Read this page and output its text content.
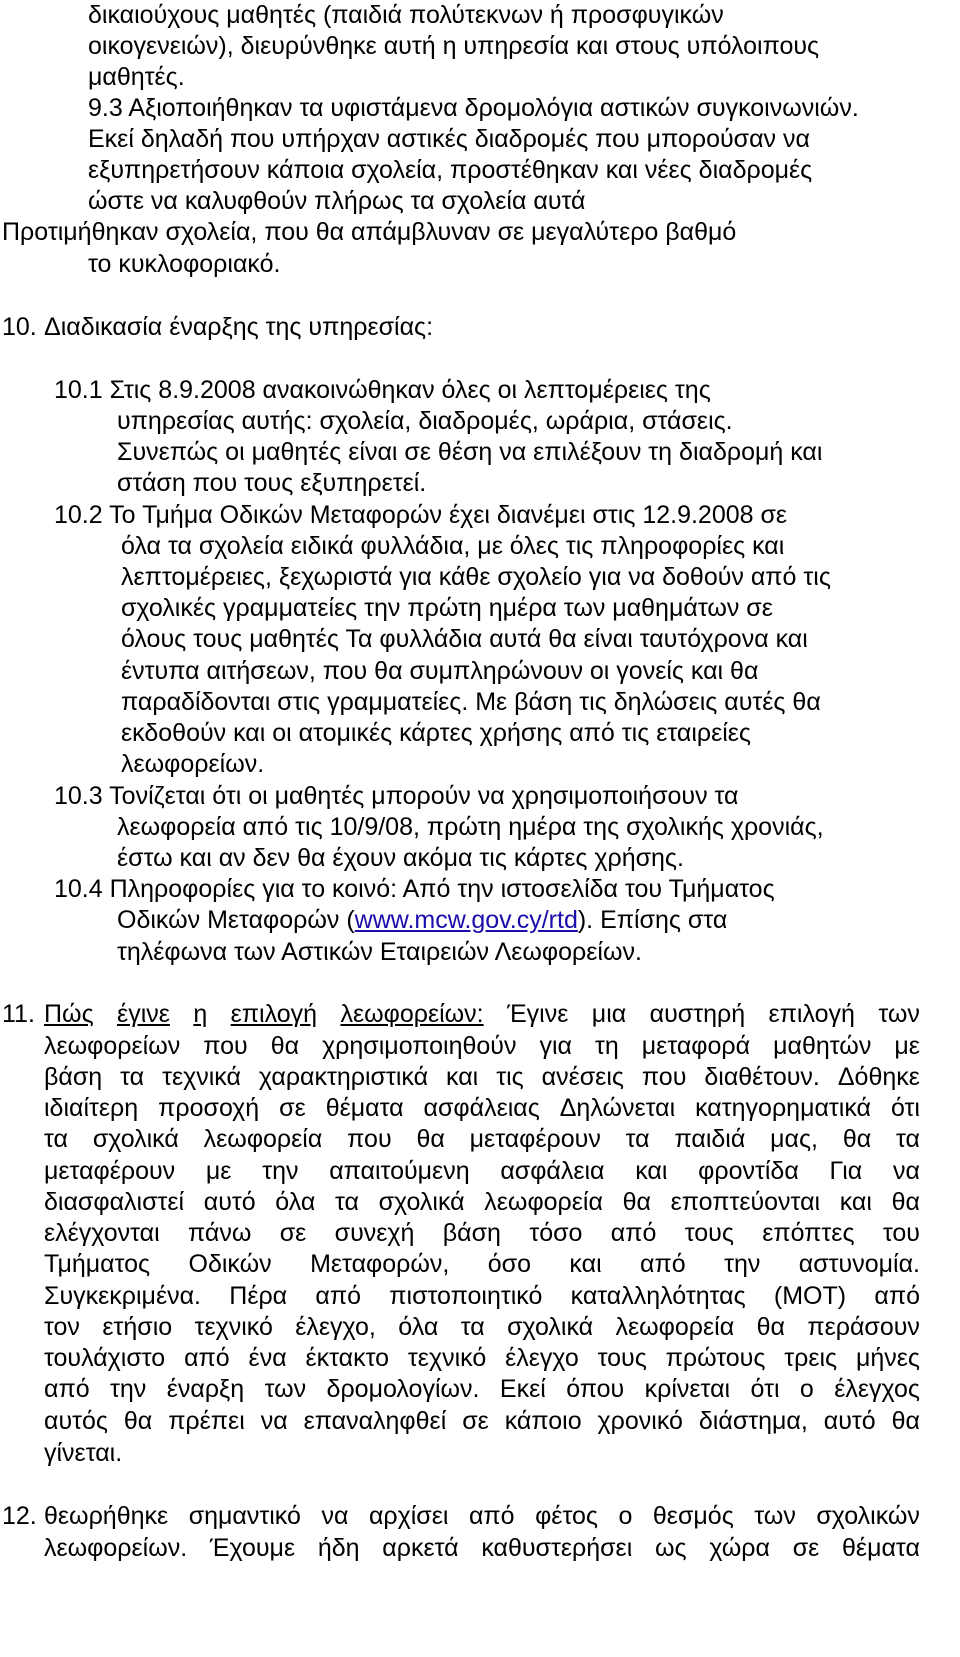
δικαιούχους μαθητές (παιδιά πολύτεκνων ή προσφυγικών
οικογενειών), διευρύνθηκε αυτή η υπηρεσία και στους υπόλοιπους
μαθητές.
9.3 Αξιοποιήθηκαν τα υφιστάμενα δρομολόγια αστικών συγκοινωνιών.
Εκεί δηλαδή που υπήρχαν αστικές διαδρομές που μπορούσαν να
εξυπηρετήσουν κάποια σχολεία, προστέθηκαν και νέες διαδρομές
ώστε να καλυφθούν πλήρως τα σχολεία αυτά
Προτιμήθηκαν σχολεία, που θα απάμβλυναν σε μεγαλύτερο βαθμό
το κυκλοφοριακό.
10. Διαδικασία έναρξης της υπηρεσίας:
10.1 Στις 8.9.2008 ανακοινώθηκαν όλες οι λεπτομέρειες της
υπηρεσίας αυτής: σχολεία, διαδρομές, ωράρια, στάσεις.
Συνεπώς οι μαθητές είναι σε θέση να επιλέξουν τη διαδρομή και
στάση που τους εξυπηρετεί.
10.2 Το Τμήμα Οδικών Μεταφορών έχει διανέμει στις 12.9.2008 σε
όλα τα σχολεία ειδικά φυλλάδια, με όλες τις πληροφορίες και
λεπτομέρειες, ξεχωριστά για κάθε σχολείο για να δοθούν από τις
σχολικές γραμματείες την πρώτη ημέρα των μαθημάτων σε
όλους τους μαθητές Τα φυλλάδια αυτά θα είναι ταυτόχρονα και
έντυπα αιτήσεων, που θα συμπληρώνουν οι γονείς και θα
παραδίδονται στις γραμματείες. Με βάση τις δηλώσεις αυτές θα
εκδοθούν και οι ατομικές κάρτες χρήσης από τις εταιρείες
λεωφορείων.
10.3 Τονίζεται ότι οι μαθητές μπορούν να χρησιμοποιήσουν τα
λεωφορεία από τις 10/9/08, πρώτη ημέρα της σχολικής χρονιάς,
έστω και αν δεν θα έχουν ακόμα τις κάρτες χρήσης.
10.4 Πληροφορίες για το κοινό: Από την ιστοσελίδα του Τμήματος
Οδικών Μεταφορών (www.mcw.gov.cy/rtd). Επίσης στα
τηλέφωνα των Αστικών Εταιρειών Λεωφορείων.
11. Πώς έγινε η επιλογή λεωφορείων: Έγινε μια αυστηρή επιλογή των
λεωφορείων που θα χρησιμοποιηθούν για τη μεταφορά μαθητών με
βάση τα τεχνικά χαρακτηριστικά και τις ανέσεις που διαθέτουν. Δόθηκε
ιδιαίτερη προσοχή σε θέματα ασφάλειας Δηλώνεται κατηγορηματικά ότι
τα σχολικά λεωφορεία που θα μεταφέρουν τα παιδιά μας, θα τα
μεταφέρουν με την απαιτούμενη ασφάλεια και φροντίδα Για να
διασφαλιστεί αυτό όλα τα σχολικά λεωφορεία θα εποπτεύονται και θα
ελέγχονται πάνω σε συνεχή βάση τόσο από τους επόπτες του
Τμήματος Οδικών Μεταφορών, όσο και από την αστυνομία.
Συγκεκριμένα. Πέρα από πιστοποιητικό καταλληλότητας (ΜΟΤ) από
τον ετήσιο τεχνικό έλεγχο, όλα τα σχολικά λεωφορεία θα περάσουν
τουλάχιστο από ένα έκτακτο τεχνικό έλεγχο τους πρώτους τρεις μήνες
από την έναρξη των δρομολογίων. Εκεί όπου κρίνεται ότι ο έλεγχος
αυτός θα πρέπει να επαναληφθεί σε κάποιο χρονικό διάστημα, αυτό θα
γίνεται.
12. θεωρήθηκε σημαντικό να αρχίσει από φέτος ο θεσμός των σχολικών
λεωφορείων. Έχουμε ήδη αρκετά καθυστερήσει ως χώρα σε θέματα
